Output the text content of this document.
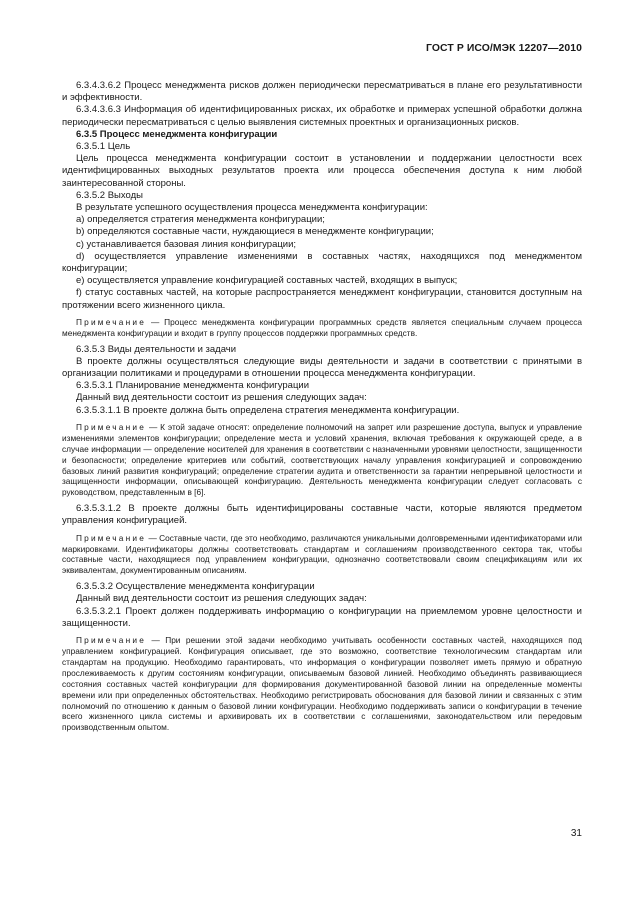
ГОСТ Р ИСО/МЭК 12207—2010

6.3.4.3.6.2 Процесс менеджмента рисков должен периодически пересматриваться в плане его результативности и эффективности.

6.3.4.3.6.3 Информация об идентифицированных рисках, их обработке и примерах успешной обработки должна периодически пересматриваться с целью выявления системных проектных и организационных рисков.

6.3.5 Процесс менеджмента конфигурации

6.3.5.1 Цель

Цель процесса менеджмента конфигурации состоит в установлении и поддержании целостности всех идентифицированных выходных результатов проекта или процесса обеспечения доступа к ним любой заинтересованной стороны.

6.3.5.2 Выходы

В результате успешного осуществления процесса менеджмента конфигурации:

a) определяется стратегия менеджмента конфигурации;

b) определяются составные части, нуждающиеся в менеджменте конфигурации;

c) устанавливается базовая линия конфигурации;

d) осуществляется управление изменениями в составных частях, находящихся под менеджментом конфигурации;

e) осуществляется управление конфигурацией составных частей, входящих в выпуск;

f) статус составных частей, на которые распространяется менеджмент конфигурации, становится доступным на протяжении всего жизненного цикла.

Примечание — Процесс менеджмента конфигурации программных средств является специальным случаем процесса менеджмента конфигурации и входит в группу процессов поддержки программных средств.

6.3.5.3 Виды деятельности и задачи

В проекте должны осуществляться следующие виды деятельности и задачи в соответствии с принятыми в организации политиками и процедурами в отношении процесса менеджмента конфигурации.

6.3.5.3.1 Планирование менеджмента конфигурации

Данный вид деятельности состоит из решения следующих задач:

6.3.5.3.1.1 В проекте должна быть определена стратегия менеджмента конфигурации.

Примечание — К этой задаче относят: определение полномочий на запрет или разрешение доступа, выпуск и управление изменениями элементов конфигурации; определение места и условий хранения, включая требования к окружающей среде, а в случае информации — определение носителей для хранения в соответствии с назначенными уровнями целостности, защищенности и безопасности; определение критериев или событий, соответствующих началу управления конфигурацией и сопровождению базовых линий развития конфигураций; определение стратегии аудита и ответственности за гарантии непрерывной целостности и защищенности информации, описывающей конфигурацию. Деятельность менеджмента конфигурации следует согласовать с руководством, представленным в [6].

6.3.5.3.1.2 В проекте должны быть идентифицированы составные части, которые являются предметом управления конфигурацией.

Примечание — Составные части, где это необходимо, различаются уникальными долговременными идентификаторами или маркировками. Идентификаторы должны соответствовать стандартам и соглашениям производственного сектора так, чтобы составные части, находящиеся под управлением конфигурации, однозначно соответствовали своим спецификациям или их эквивалентам, документированным описаниям.

6.3.5.3.2 Осуществление менеджмента конфигурации

Данный вид деятельности состоит из решения следующих задач:

6.3.5.3.2.1 Проект должен поддерживать информацию о конфигурации на приемлемом уровне целостности и защищенности.

Примечание — При решении этой задачи необходимо учитывать особенности составных частей, находящихся под управлением конфигурацией. Конфигурация описывает, где это возможно, соответствие технологическим стандартам или стандартам на продукцию. Необходимо гарантировать, что информация о конфигурации позволяет иметь прямую и обратную прослеживаемость к другим состояниям конфигурации, описываемым базовой линией. Необходимо объединять развивающиеся состояния составных частей конфигурации для формирования документированной базовой линии на определенные моменты времени или при определенных обстоятельствах. Необходимо регистрировать обоснования для базовой линии и связанных с этим полномочий по отношению к данным о базовой линии конфигурации. Необходимо поддерживать записи о конфигурации в течение всего жизненного цикла системы и архивировать их в соответствии с соглашениями, законодательством или передовым производственным опытом.

31
